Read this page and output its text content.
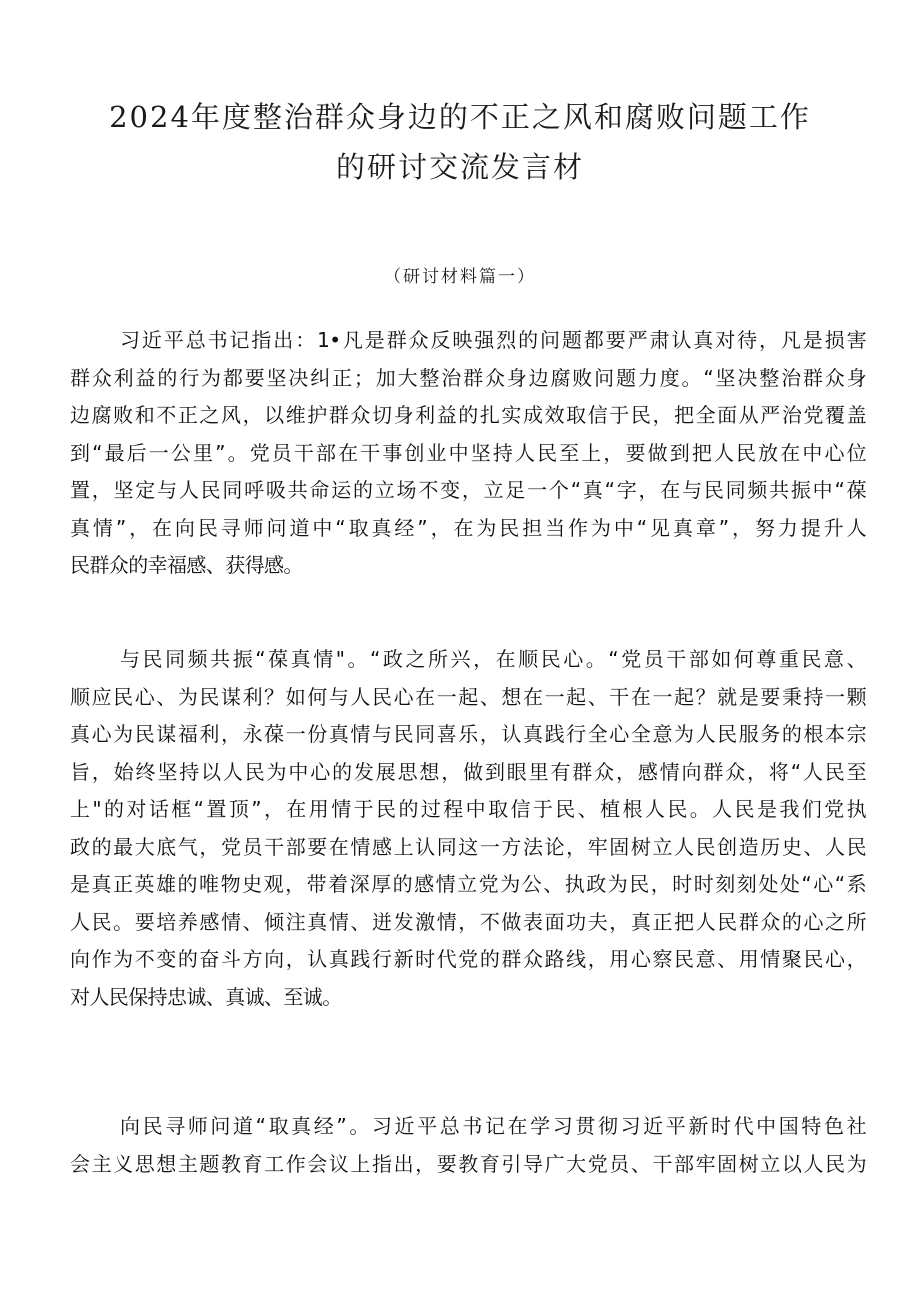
2024年度整治群众身边的不正之风和腐败问题工作
的研讨交流发言材
（研讨材料篇一）
习近平总书记指出：1•凡是群众反映强烈的问题都要严肃认真对待，凡是损害
群众利益的行为都要坚决纠正；加大整治群众身边腐败问题力度。“坚决整治群众身
边腐败和不正之风，以维护群众切身利益的扎实成效取信于民，把全面从严治党覆盖
到“最后一公里”。党员干部在干事创业中坚持人民至上，要做到把人民放在中心位
置，坚定与人民同呼吸共命运的立场不变，立足一个“真“字，在与民同频共振中“葆
真情”，在向民寻师问道中“取真经”，在为民担当作为中“见真章”，努力提升人
民群众的幸福感、获得感。
与民同频共振“葆真情"。“政之所兴，在顺民心。“党员干部如何尊重民意、
顺应民心、为民谋利？如何与人民心在一起、想在一起、干在一起？就是要秉持一颗
真心为民谋福利，永葆一份真情与民同喜乐，认真践行全心全意为人民服务的根本宗
旨，始终坚持以人民为中心的发展思想，做到眼里有群众，感情向群众，将“人民至
上"的对话框“置顶”，在用情于民的过程中取信于民、植根人民。人民是我们党执
政的最大底气，党员干部要在情感上认同这一方法论，牢固树立人民创造历史、人民
是真正英雄的唯物史观，带着深厚的感情立党为公、执政为民，时时刻刻处处“心“系
人民。要培养感情、倾注真情、迸发激情，不做表面功夫，真正把人民群众的心之所
向作为不变的奋斗方向，认真践行新时代党的群众路线，用心察民意、用情聚民心，
对人民保持忠诚、真诚、至诚。
向民寻师问道“取真经”。习近平总书记在学习贯彻习近平新时代中国特色社
会主义思想主题教育工作会议上指出，要教育引导广大党员、干部牢固树立以人民为
